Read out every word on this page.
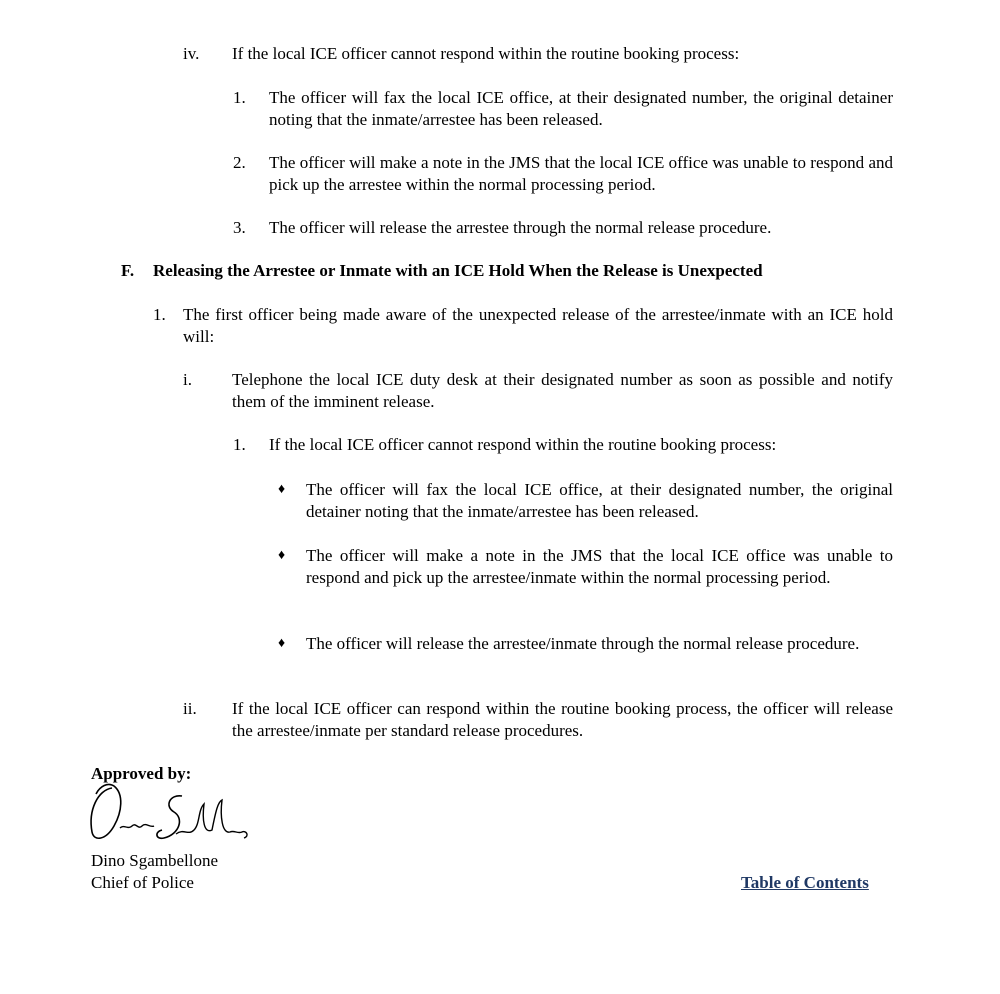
iv. If the local ICE officer cannot respond within the routine booking process:
1. The officer will fax the local ICE office, at their designated number, the original detainer noting that the inmate/arrestee has been released.
2. The officer will make a note in the JMS that the local ICE office was unable to respond and pick up the arrestee within the normal processing period.
3. The officer will release the arrestee through the normal release procedure.
F. Releasing the Arrestee or Inmate with an ICE Hold When the Release is Unexpected
1. The first officer being made aware of the unexpected release of the arrestee/inmate with an ICE hold will:
i. Telephone the local ICE duty desk at their designated number as soon as possible and notify them of the imminent release.
1. If the local ICE officer cannot respond within the routine booking process:
♦ The officer will fax the local ICE office, at their designated number, the original detainer noting that the inmate/arrestee has been released.
♦ The officer will make a note in the JMS that the local ICE office was unable to respond and pick up the arrestee/inmate within the normal processing period.
♦ The officer will release the arrestee/inmate through the normal release procedure.
ii. If the local ICE officer can respond within the routine booking process, the officer will release the arrestee/inmate per standard release procedures.
Approved by:
Dino Sgambellone
Chief of Police	Table of Contents
